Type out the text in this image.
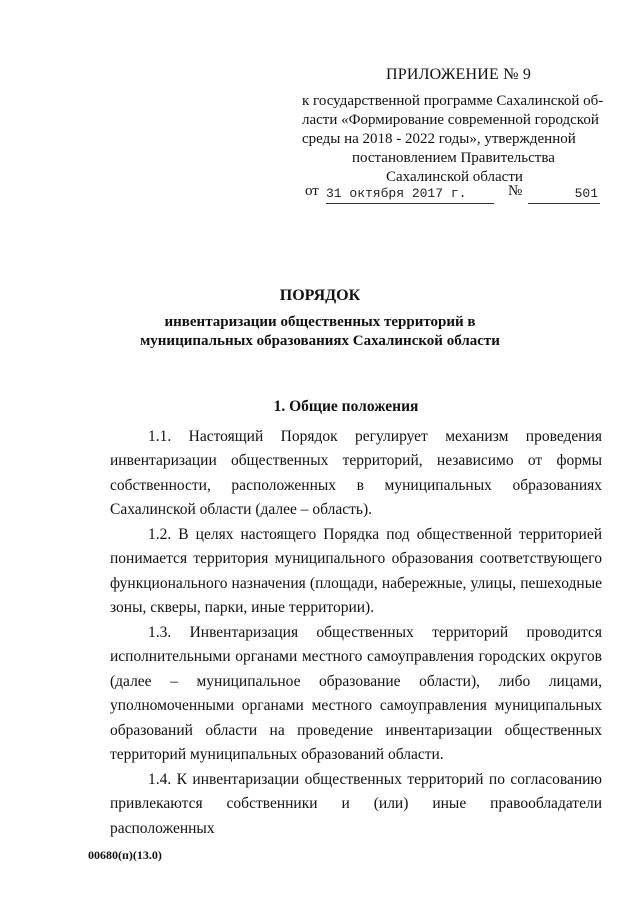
ПРИЛОЖЕНИЕ № 9
к государственной программе Сахалинской об-
ласти «Формирование современной городской
среды на 2018 - 2022 годы», утвержденной
постановлением Правительства
Сахалинской области
от 31 октября 2017 г.	№	501
ПОРЯДОК
инвентаризации общественных территорий в
муниципальных образованиях Сахалинской области
1. Общие положения

1.1. Настоящий Порядок регулирует механизм проведения инвентаризации общественных территорий, независимо от формы собственности, расположенных в муниципальных образованиях Сахалинской области (далее – область).

1.2. В целях настоящего Порядка под общественной территорией понимается территория муниципального образования соответствующего функционального назначения (площади, набережные, улицы, пешеходные зоны, скверы, парки, иные территории).

1.3. Инвентаризация общественных территорий проводится исполнительными органами местного самоуправления городских округов (далее – муниципальное образование области), либо лицами, уполномоченными органами местного самоуправления муниципальных образований области на проведение инвентаризации общественных территорий муниципальных образований области.

1.4. К инвентаризации общественных территорий по согласованию привлекаются собственники и (или) иные правообладатели расположенных

00680(п)(13.0)
